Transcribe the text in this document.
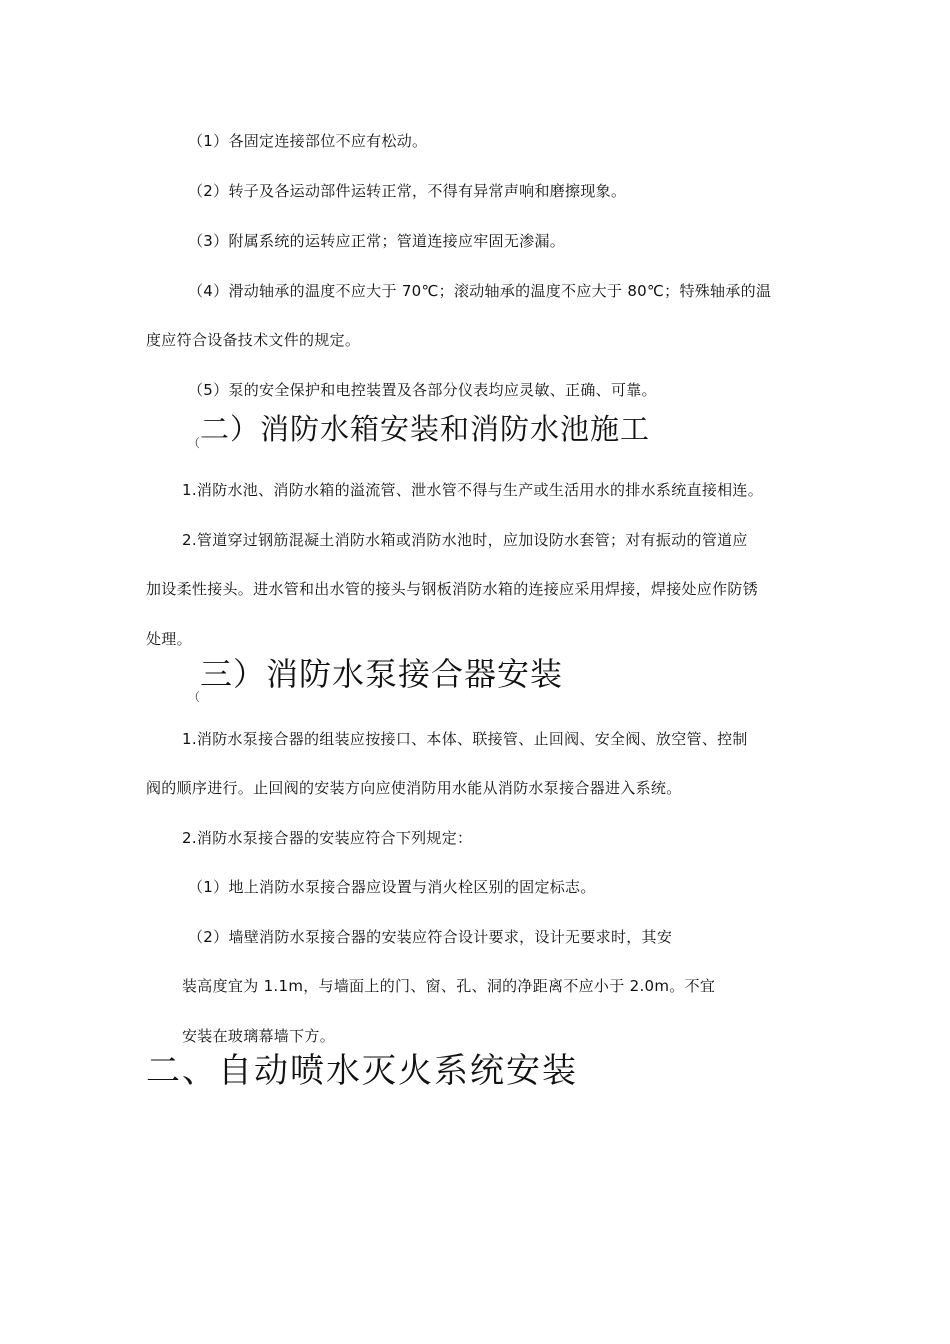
（1）各固定连接部位不应有松动。
（2）转子及各运动部件运转正常，不得有异常声响和磨擦现象。
（3）附属系统的运转应正常；管道连接应牢固无渗漏。
（4）滑动轴承的温度不应大于 70℃；滚动轴承的温度不应大于 80℃；特殊轴承的温
度应符合设备技术文件的规定。
（5）泵的安全保护和电控装置及各部分仪表均应灵敏、正确、可靠。
（ 二）消防水箱安装和消防水池施工
1.消防水池、消防水箱的溢流管、泄水管不得与生产或生活用水的排水系统直接相连。
2.管道穿过钢筋混凝土消防水箱或消防水池时，应加设防水套管；对有振动的管道应
加设柔性接头。进水管和出水管的接头与钢板消防水箱的连接应采用焊接，焊接处应作防锈
处理。
（
三）消防水泵接合器安装
1.消防水泵接合器的组装应按接口、本体、联接管、止回阀、安全阀、放空管、控制
阀的顺序进行。止回阀的安装方向应使消防用水能从消防水泵接合器进入系统。
2.消防水泵接合器的安装应符合下列规定：
（1）地上消防水泵接合器应设置与消火栓区别的固定标志。
（2）墙壁消防水泵接合器的安装应符合设计要求，设计无要求时，其安
装高度宜为 1.1m，与墙面上的门、窗、孔、洞的净距离不应小于 2.0m。不宜
安装在玻璃幕墙下方。
二、自动喷水灭火系统安装
